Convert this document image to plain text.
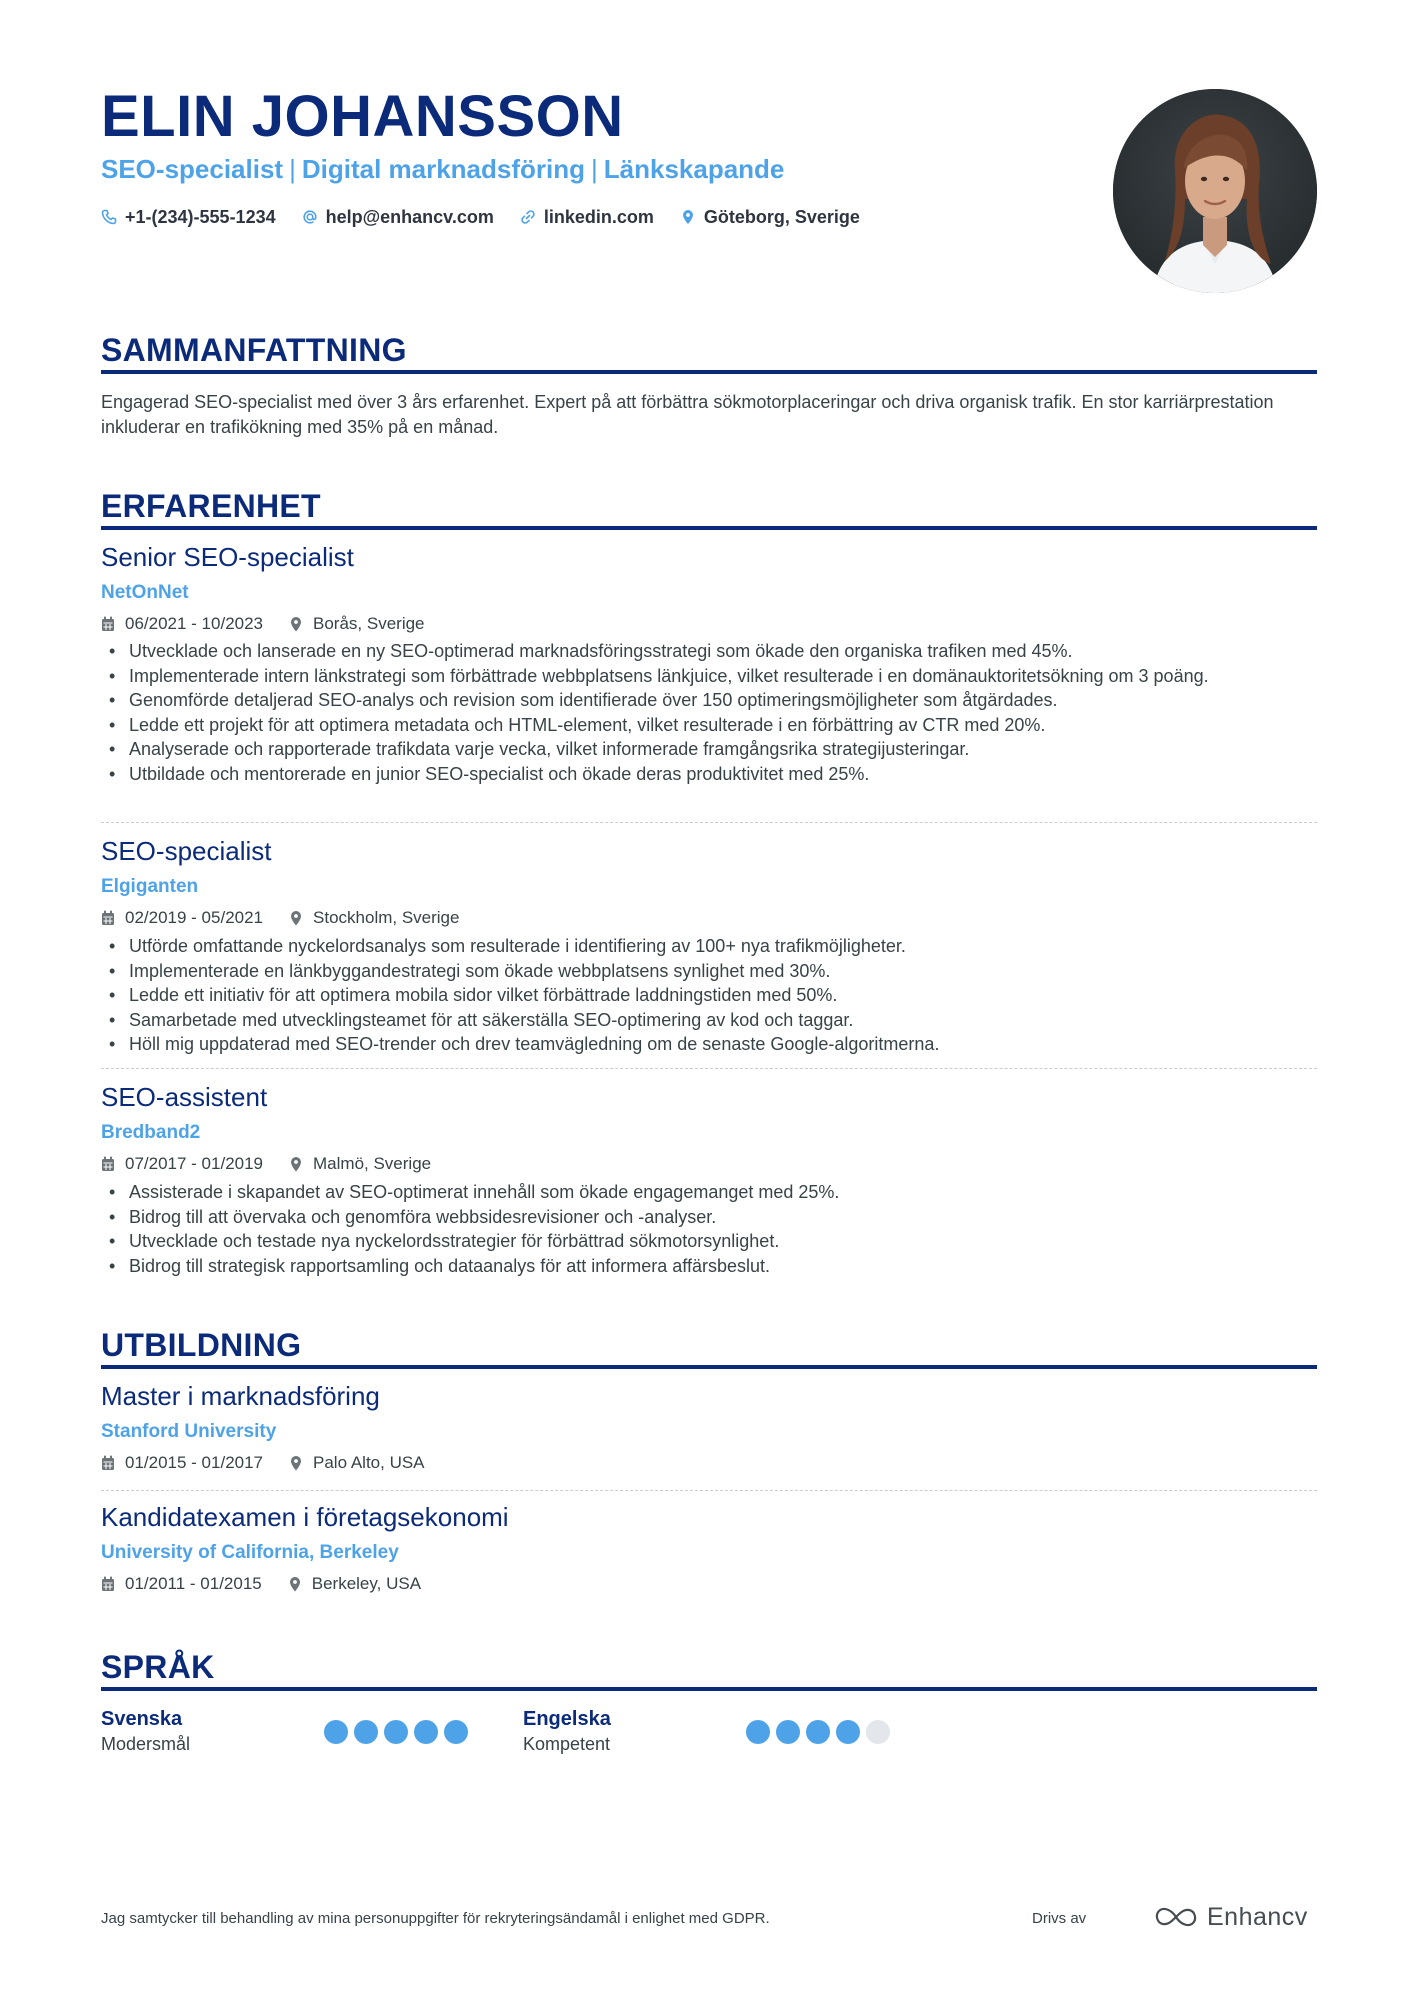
ELIN JOHANSSON
SEO-specialist | Digital marknadsföring | Länkskapande
+1-(234)-555-1234	help@enhancv.com	linkedin.com	Göteborg, Sverige
SAMMANFATTNING
Engagerad SEO-specialist med över 3 års erfarenhet. Expert på att förbättra sökmotorplaceringar och driva organisk trafik. En stor karriärprestation inkluderar en trafikökning med 35% på en månad.
ERFARENHET
Senior SEO-specialist
NetOnNet
06/2021 - 10/2023	Borås, Sverige
• Utvecklade och lanserade en ny SEO-optimerad marknadsföringsstrategi som ökade den organiska trafiken med 45%.
• Implementerade intern länkstrategi som förbättrade webbplatsens länkjuice, vilket resulterade i en domänauktoritetsökning om 3 poäng.
• Genomförde detaljerad SEO-analys och revision som identifierade över 150 optimeringsmöjligheter som åtgärdades.
• Ledde ett projekt för att optimera metadata och HTML-element, vilket resulterade i en förbättring av CTR med 20%.
• Analyserade och rapporterade trafikdata varje vecka, vilket informerade framgångsrika strategijusteringar.
• Utbildade och mentorerade en junior SEO-specialist och ökade deras produktivitet med 25%.
SEO-specialist
Elgiganten
02/2019 - 05/2021	Stockholm, Sverige
• Utförde omfattande nyckelordsanalys som resulterade i identifiering av 100+ nya trafikmöjligheter.
• Implementerade en länkbyggandestrategi som ökade webbplatsens synlighet med 30%.
• Ledde ett initiativ för att optimera mobila sidor vilket förbättrade laddningstiden med 50%.
• Samarbetade med utvecklingsteamet för att säkerställa SEO-optimering av kod och taggar.
• Höll mig uppdaterad med SEO-trender och drev teamvägledning om de senaste Google-algoritmerna.
SEO-assistent
Bredband2
07/2017 - 01/2019	Malmö, Sverige
• Assisterade i skapandet av SEO-optimerat innehåll som ökade engagemanget med 25%.
• Bidrog till att övervaka och genomföra webbsidesrevisioner och -analyser.
• Utvecklade och testade nya nyckelordsstrategier för förbättrad sökmotorsynlighet.
• Bidrog till strategisk rapportsamling och dataanalys för att informera affärsbeslut.
UTBILDNING
Master i marknadsföring
Stanford University
01/2015 - 01/2017	Palo Alto, USA
Kandidatexamen i företagsekonomi
University of California, Berkeley
01/2011 - 01/2015	Berkeley, USA
SPRÅK
Svenska
Modersmål
Engelska
Kompetent
Jag samtycker till behandling av mina personuppgifter för rekryteringsändamål i enlighet med GDPR.	Drivs av	Enhancv
